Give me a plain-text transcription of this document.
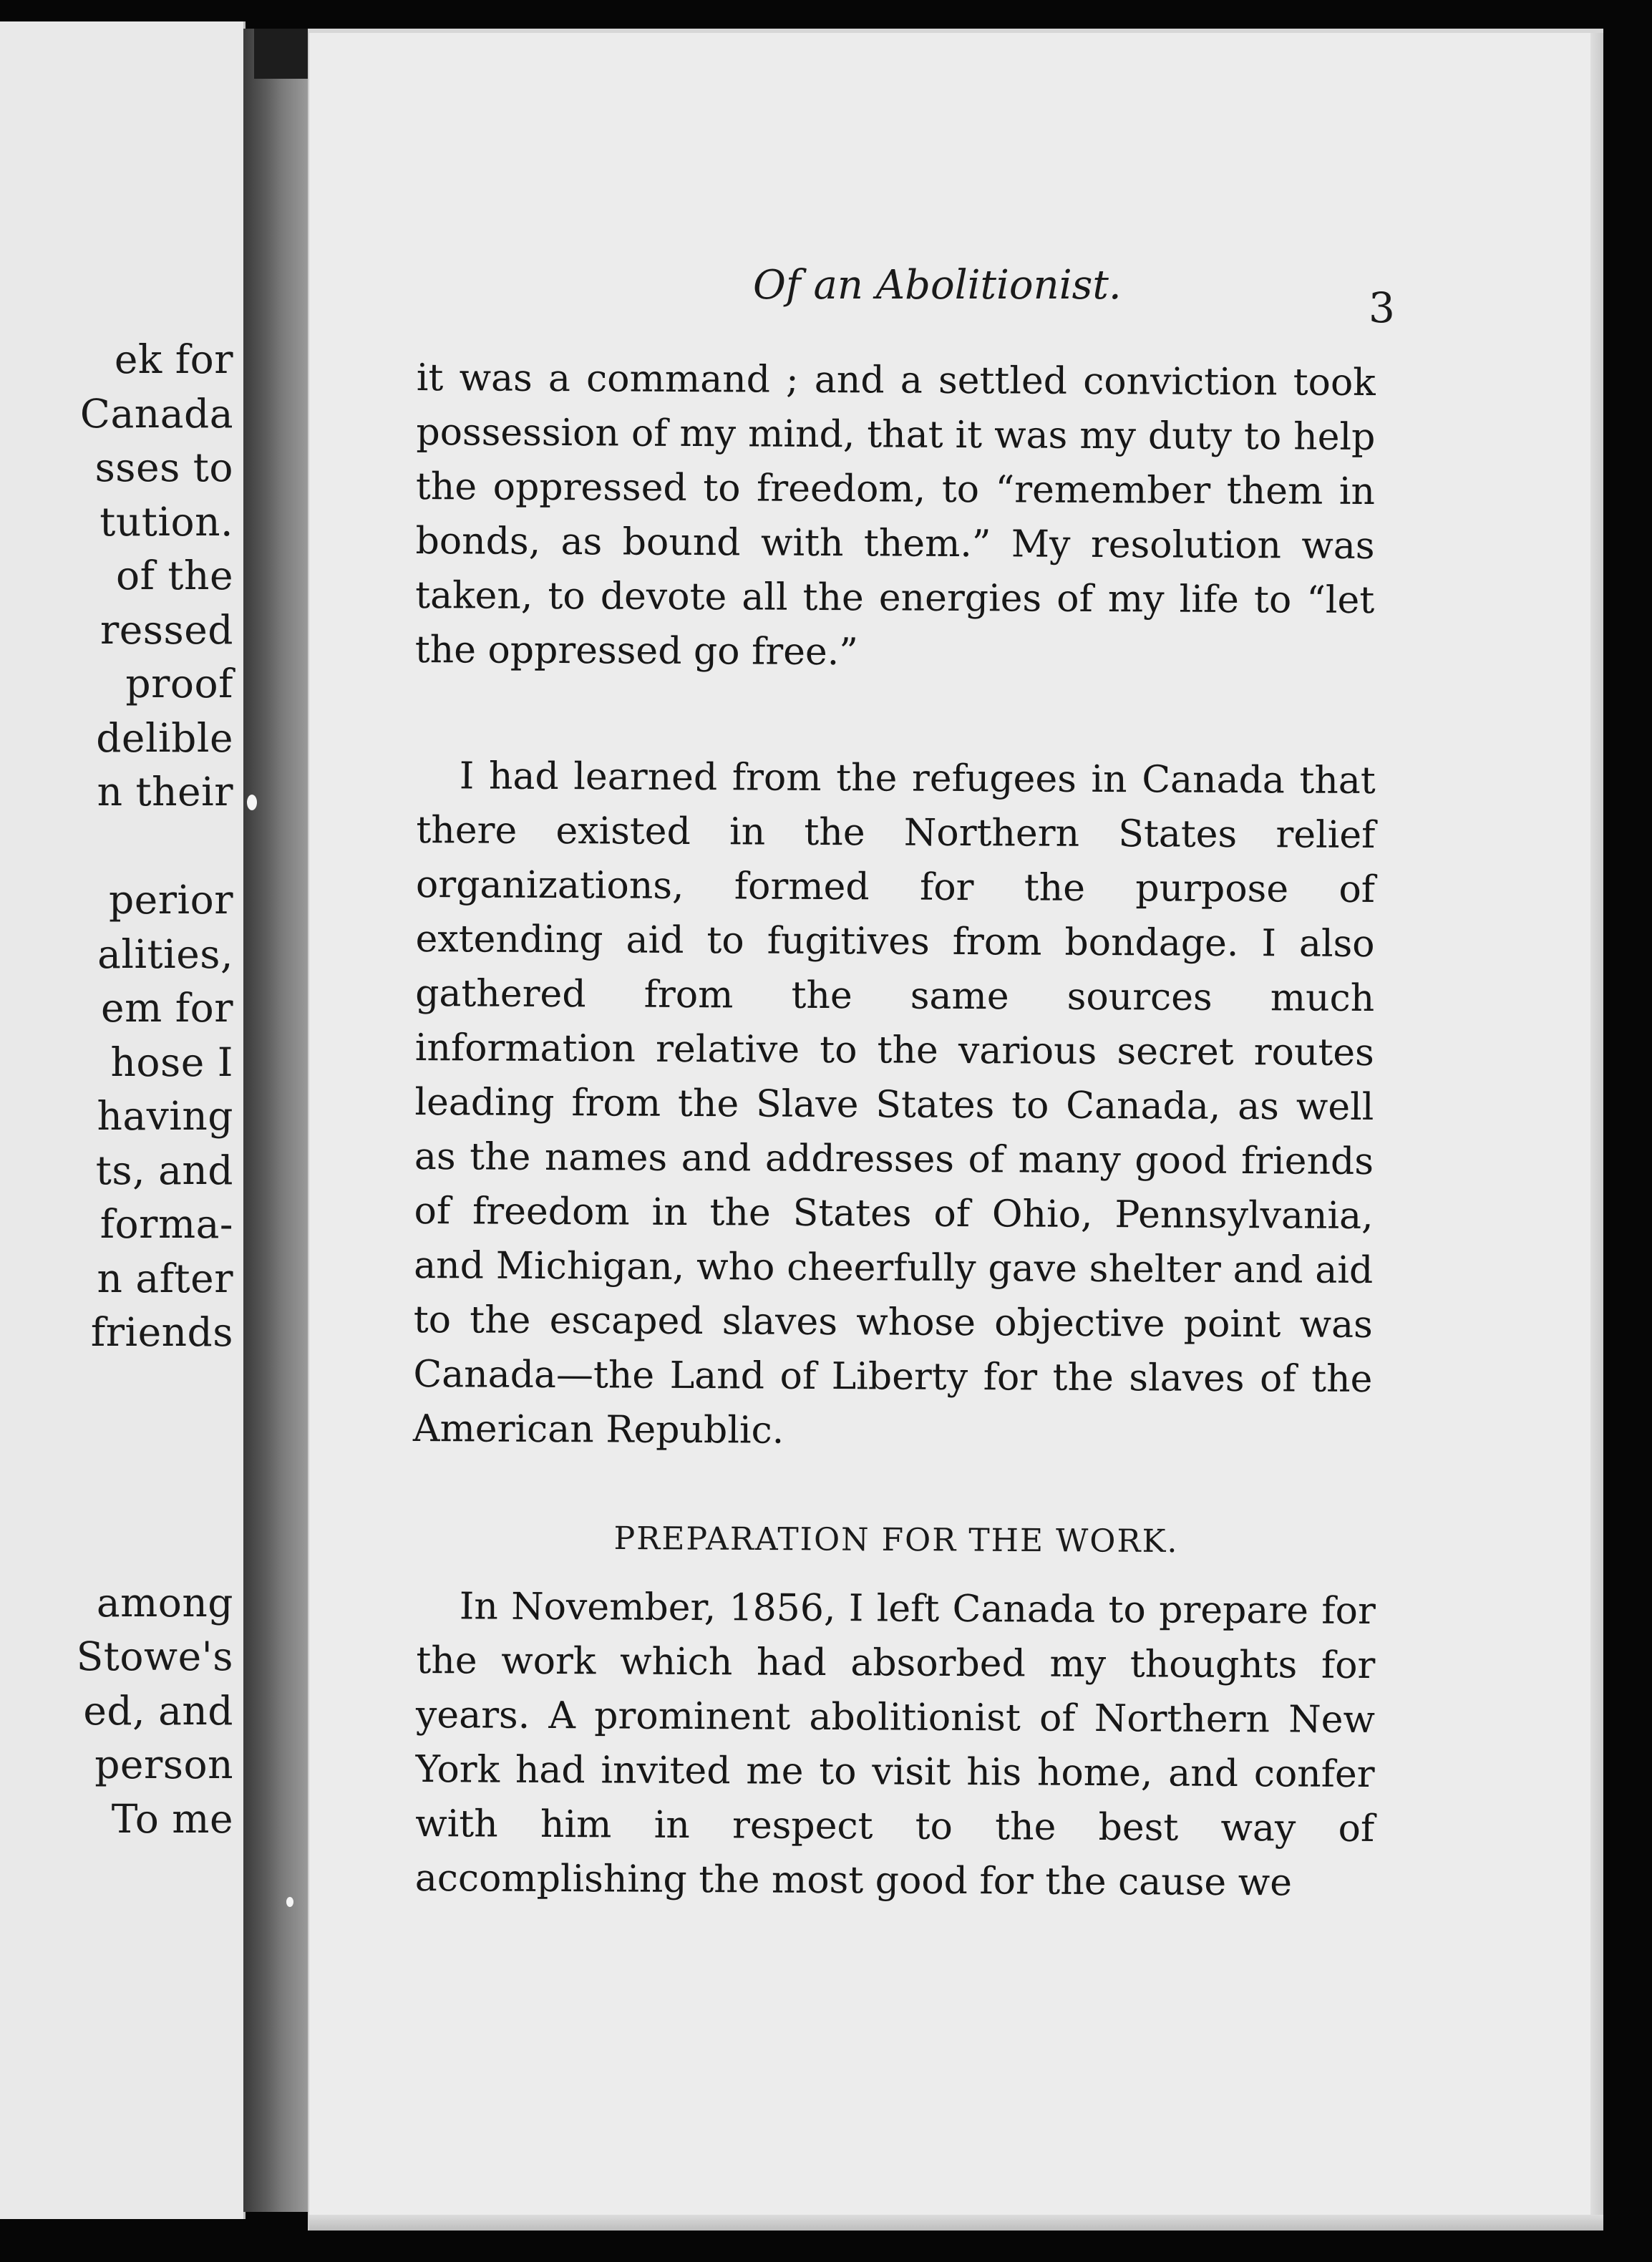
ek for
Canada
sses to
tution.
of the
ressed
proof
delible
n their
perior
alities,
em for
hose I
having
ts, and
forma-
n after
friends
among
Stowe's
ed, and
person
To me
Of an Abolitionist.	3

it was a command ; and a settled conviction took possession of my mind, that it was my duty to help the oppressed to freedom, to “remember them in bonds, as bound with them.” My resolution was taken, to devote all the energies of my life to “let the oppressed go free.”

I had learned from the refugees in Canada that there existed in the Northern States relief organizations, formed for the purpose of extending aid to fugitives from bondage. I also gathered from the same sources much information relative to the various secret routes leading from the Slave States to Canada, as well as the names and addresses of many good friends of freedom in the States of Ohio, Pennsylvania, and Michigan, who cheerfully gave shelter and aid to the escaped slaves whose objective point was Canada—the Land of Liberty for the slaves of the American Republic.

PREPARATION FOR THE WORK.

In November, 1856, I left Canada to prepare for the work which had absorbed my thoughts for years. A prominent abolitionist of Northern New York had invited me to visit his home, and confer with him in respect to the best way of accomplishing the most good for the cause we
